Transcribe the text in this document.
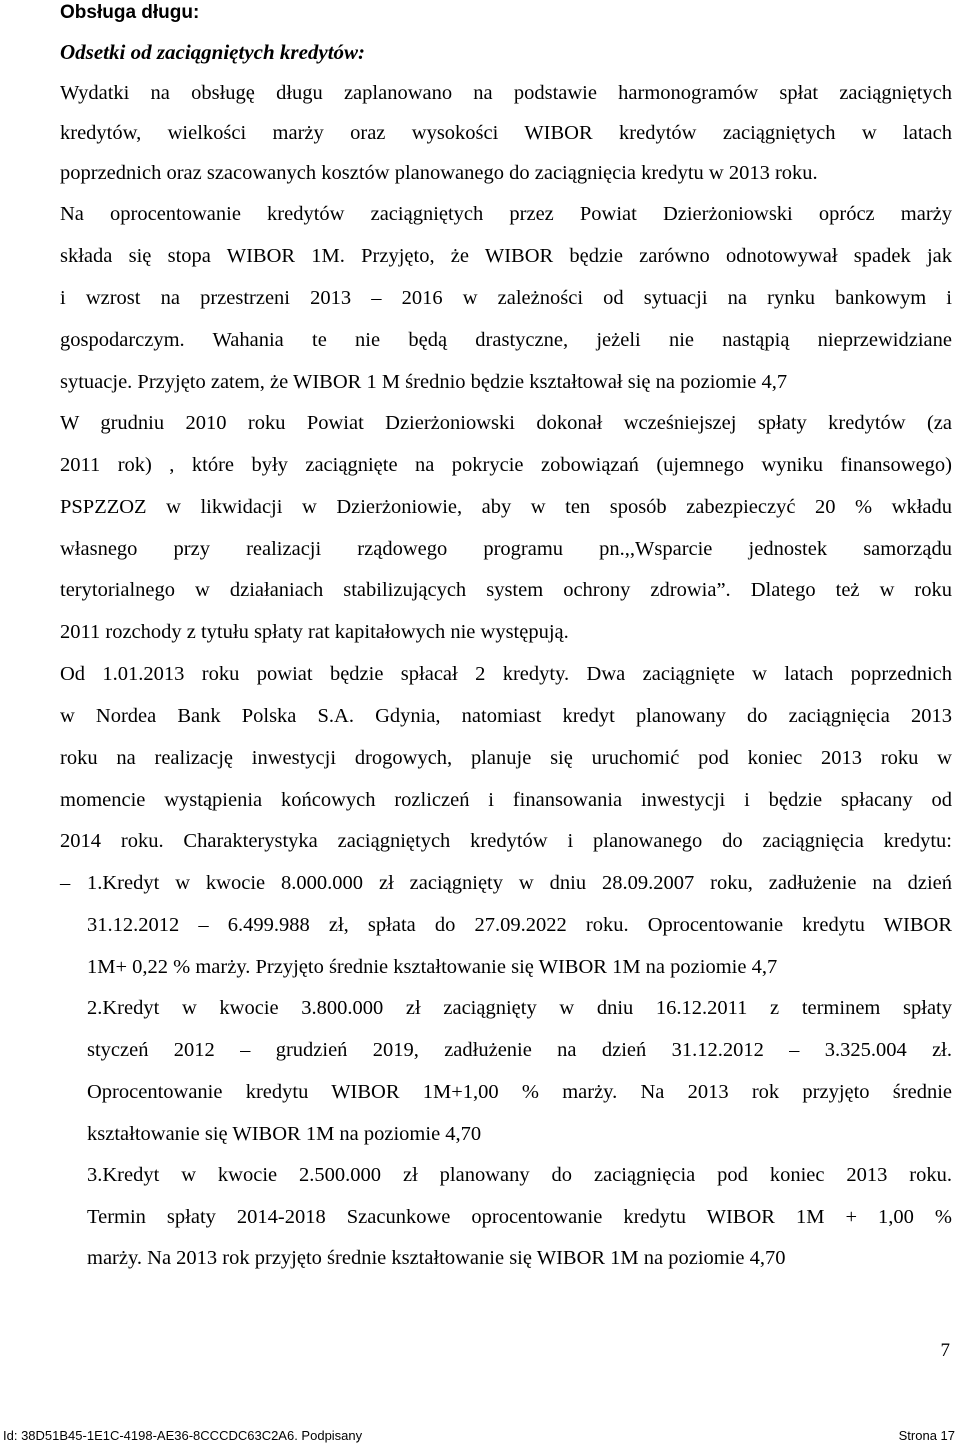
Obsługa długu:
Odsetki od zaciągniętych kredytów:
Wydatki na obsługę długu zaplanowano na podstawie harmonogramów spłat zaciągniętych
kredytów, wielkości marży oraz wysokości WIBOR kredytów zaciągniętych w latach
poprzednich oraz szacowanych kosztów planowanego do zaciągnięcia kredytu w 2013 roku.
Na oprocentowanie kredytów zaciągniętych przez Powiat Dzierżoniowski oprócz marży
składa się stopa WIBOR 1M. Przyjęto, że WIBOR będzie zarówno odnotowywał spadek jak
i wzrost na przestrzeni 2013 – 2016 w zależności od sytuacji na rynku bankowym i
gospodarczym. Wahania te nie będą drastyczne, jeżeli nie nastąpią nieprzewidziane
sytuacje. Przyjęto zatem, że WIBOR 1 M średnio będzie kształtował się na poziomie 4,7
W grudniu 2010 roku Powiat Dzierżoniowski dokonał wcześniejszej spłaty kredytów (za
2011 rok) , które były zaciągnięte na pokrycie zobowiązań (ujemnego wyniku finansowego)
PSPZZOZ w likwidacji w Dzierżoniowie, aby w ten sposób zabezpieczyć 20 % wkładu
własnego przy realizacji rządowego programu pn.,,Wsparcie jednostek samorządu
terytorialnego w działaniach stabilizujących system ochrony zdrowia”. Dlatego też w roku
2011 rozchody z tytułu spłaty rat kapitałowych nie występują.
Od 1.01.2013 roku powiat będzie spłacał 2 kredyty. Dwa zaciągnięte w latach poprzednich
w Nordea Bank Polska S.A. Gdynia, natomiast kredyt planowany do zaciągnięcia 2013
roku na realizację inwestycji drogowych, planuje się uruchomić pod koniec 2013 roku w
momencie wystąpienia końcowych rozliczeń i finansowania inwestycji i będzie spłacany od
2014 roku. Charakterystyka zaciągniętych kredytów i planowanego do zaciągnięcia kredytu:
– 1.Kredyt w kwocie 8.000.000 zł zaciągnięty w dniu 28.09.2007 roku, zadłużenie na dzień
31.12.2012 – 6.499.988 zł, spłata do 27.09.2022 roku. Oprocentowanie kredytu WIBOR
1M+ 0,22 % marży. Przyjęto średnie kształtowanie się WIBOR 1M na poziomie 4,7
2.Kredyt w kwocie 3.800.000 zł zaciągnięty w dniu 16.12.2011 z terminem spłaty
styczeń 2012 – grudzień 2019, zadłużenie na dzień 31.12.2012 – 3.325.004 zł.
Oprocentowanie kredytu WIBOR 1M+1,00 % marży. Na 2013 rok przyjęto średnie
kształtowanie się WIBOR 1M na poziomie 4,70
3.Kredyt w kwocie 2.500.000 zł planowany do zaciągnięcia pod koniec 2013 roku.
Termin spłaty 2014-2018 Szacunkowe oprocentowanie kredytu WIBOR 1M + 1,00 %
marży. Na 2013 rok przyjęto średnie kształtowanie się WIBOR 1M na poziomie 4,70
7
Id: 38D51B45-1E1C-4198-AE36-8CCCDC63C2A6. Podpisany	Strona 17
